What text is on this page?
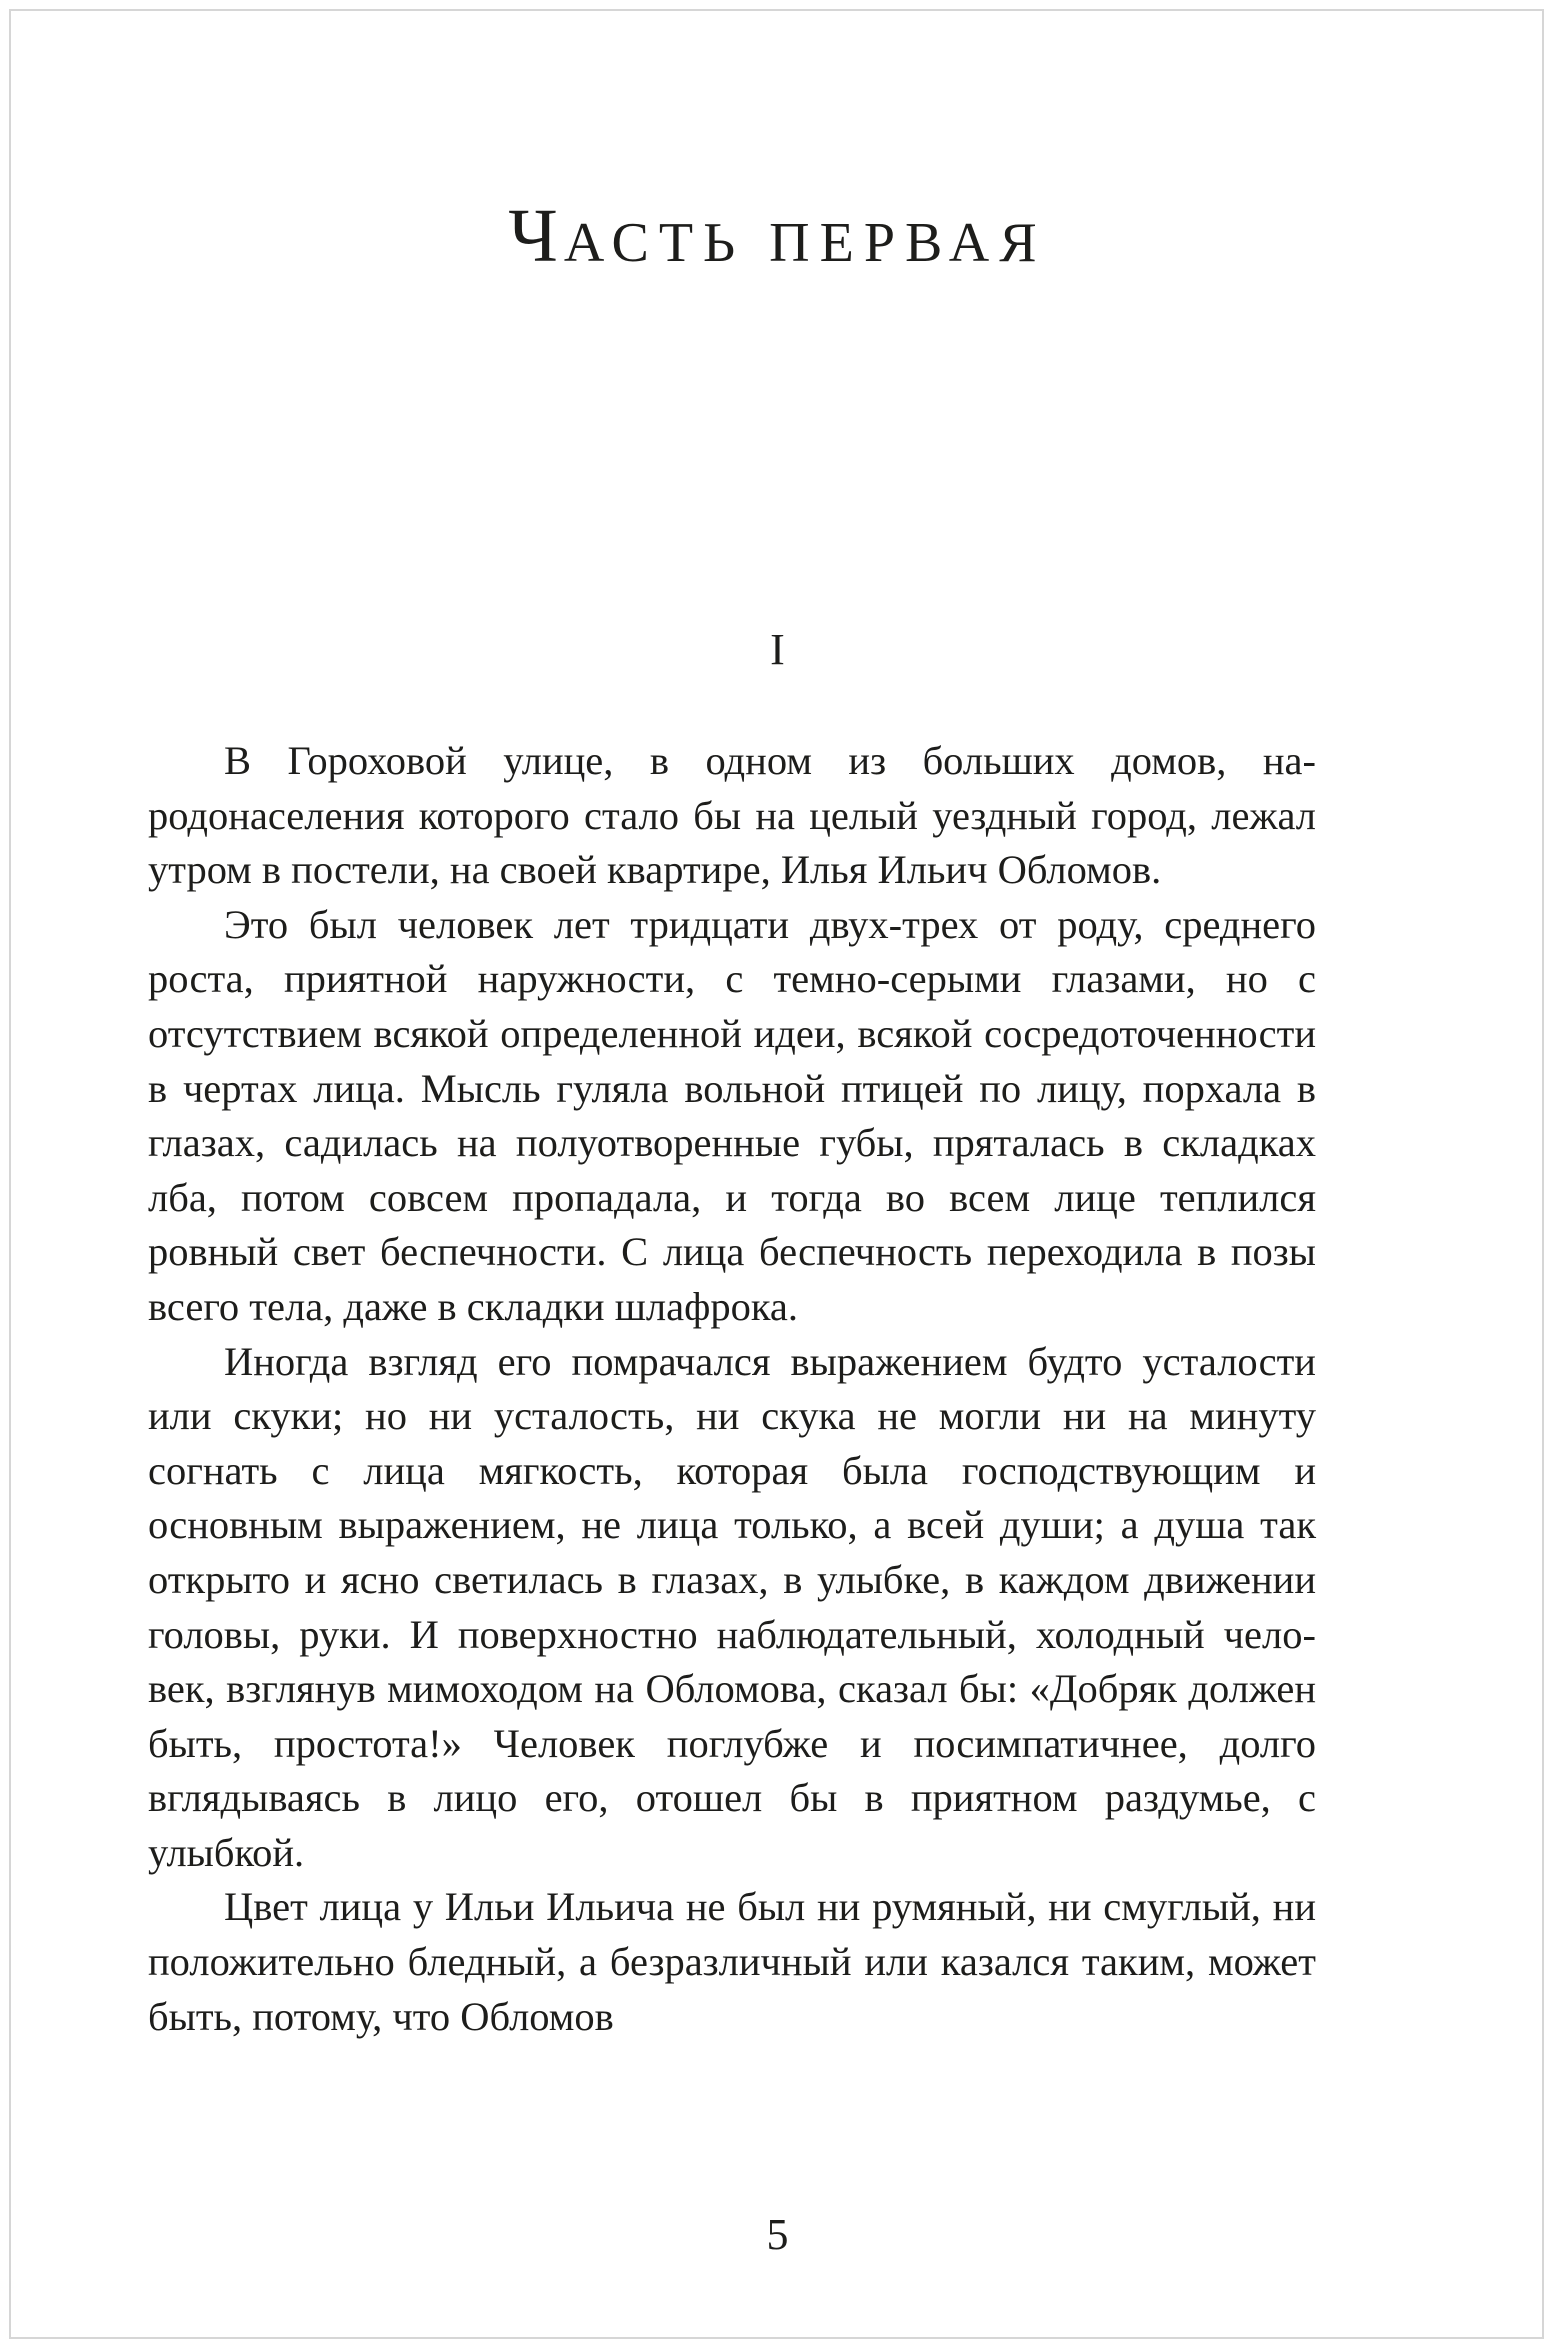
ЧАСТЬ ПЕРВАЯ
I

В Гороховой улице, в одном из больших домов, народонаселения которого стало бы на целый уездный город, лежал утром в постели, на своей квартире, Илья Ильич Обломов.

Это был человек лет тридцати двух-трех от роду, среднего роста, приятной наружности, с темно-серыми глазами, но с отсутствием всякой определенной идеи, всякой сосредоточенности в чертах лица. Мысль гуляла вольной птицей по лицу, порхала в глазах, садилась на полуотворенные губы, пряталась в складках лба, потом совсем пропадала, и тогда во всем лице теплился ровный свет беспечности. С лица беспечность переходила в позы всего тела, даже в складки шлафрока.

Иногда взгляд его помрачался выражением будто усталости или скуки; но ни усталость, ни скука не могли ни на минуту согнать с лица мягкость, которая была господствующим и основным выражением, не лица только, а всей души; а душа так открыто и ясно светилась в глазах, в улыбке, в каждом движении головы, руки. И поверхностно наблюдательный, холодный человек, взглянув мимоходом на Обломова, сказал бы: «Добряк должен быть, простота!» Человек поглубже и посимпатичнее, долго вглядываясь в лицо его, отошел бы в приятном раздумье, с улыбкой.

Цвет лица у Ильи Ильича не был ни румяный, ни смуглый, ни положительно бледный, а безразличный или казался таким, может быть, потому, что Обломов

5
